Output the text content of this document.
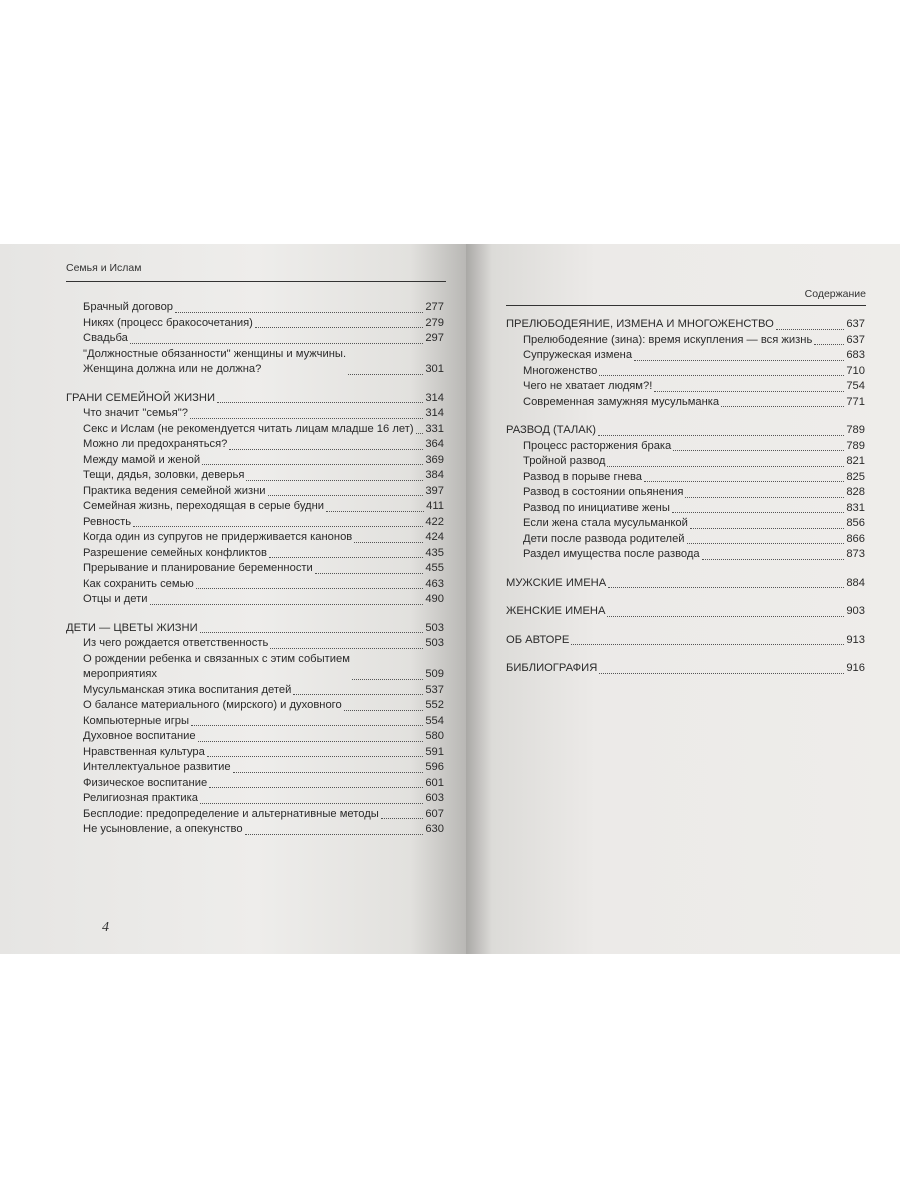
Семья и Ислам
Брачный договор	277
Никях (процесс бракосочетания)	279
Свадьба	297
"Должностные обязанности" женщины и мужчины.
Женщина должна или не должна?	301
ГРАНИ СЕМЕЙНОЙ ЖИЗНИ	314
Что значит "семья"?	314
Секс и Ислам (не рекомендуется читать лицам младше 16 лет) 331
Можно ли предохраняться?	364
Между мамой и женой	369
Тещи, дядья, золовки, деверья	384
Практика ведения семейной жизни	397
Семейная жизнь, переходящая в серые будни	411
Ревность	422
Когда один из супругов не придерживается канонов	424
Разрешение семейных конфликтов	435
Прерывание и планирование беременности	455
Как сохранить семью	463
Отцы и дети	490
ДЕТИ — ЦВЕТЫ ЖИЗНИ	503
Из чего рождается ответственность	503
О рождении ребенка и связанных с этим событием
мероприятиях	509
Мусульманская этика воспитания детей	537
О балансе материального (мирского) и духовного	552
Компьютерные игры	554
Духовное воспитание	580
Нравственная культура	591
Интеллектуальное развитие	596
Физическое воспитание	601
Религиозная практика	603
Бесплодие: предопределение и альтернативные методы	607
Не усыновление, а опекунство	630
4
Содержание
ПРЕЛЮБОДЕЯНИЕ, ИЗМЕНА И МНОГОЖЕНСТВО	637
Прелюбодеяние (зина): время искупления — вся жизнь	637
Супружеская измена	683
Многоженство	710
Чего не хватает людям?!	754
Современная замужняя мусульманка	771
РАЗВОД (ТАЛАК)	789
Процесс расторжения брака	789
Тройной развод	821
Развод в порыве гнева	825
Развод в состоянии опьянения	828
Развод по инициативе жены	831
Если жена стала мусульманкой	856
Дети после развода родителей	866
Раздел имущества после развода	873
МУЖСКИЕ ИМЕНА	884
ЖЕНСКИЕ ИМЕНА	903
ОБ АВТОРЕ	913
БИБЛИОГРАФИЯ	916
